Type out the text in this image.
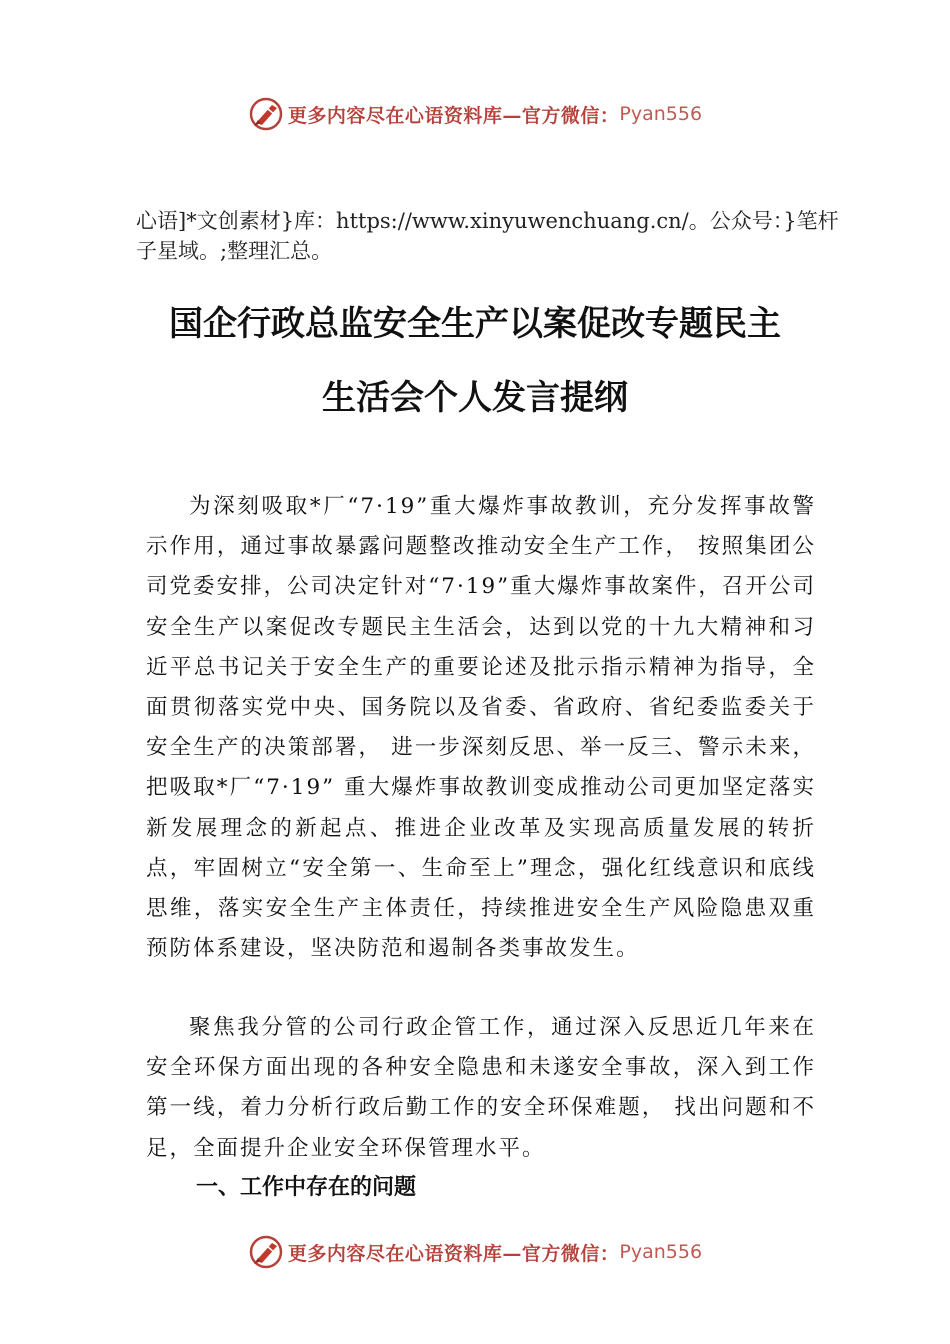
更多内容尽在心语资料库—官方微信： Pyan556
心语]*文创素材}库：https://www.xinyuwenchuang.cn/。公众号：}笔杆子星域。;整理汇总。
国企行政总监安全生产以案促改专题民主
生活会个人发言提纲

为深刻吸取*厂“7·19”重大爆炸事故教训，充分发挥事故警示作用，通过事故暴露问题整改推动安全生产工作， 按照集团公司党委安排，公司决定针对“7·19”重大爆炸事故案件，召开公司安全生产以案促改专题民主生活会，达到以党的十九大精神和习近平总书记关于安全生产的重要论述及批示指示精神为指导，全面贯彻落实党中央、国务院以及省委、省政府、省纪委监委关于安全生产的决策部署， 进一步深刻反思、举一反三、警示未来，把吸取*厂“7·19” 重大爆炸事故教训变成推动公司更加坚定落实新发展理念的新起点、推进企业改革及实现高质量发展的转折点，牢固树立“安全第一、生命至上”理念，强化红线意识和底线思维，落实安全生产主体责任，持续推进安全生产风险隐患双重预防体系建设，坚决防范和遏制各类事故发生。

聚焦我分管的公司行政企管工作，通过深入反思近几年来在安全环保方面出现的各种安全隐患和未遂安全事故，深入到工作第一线，着力分析行政后勤工作的安全环保难题， 找出问题和不足，全面提升企业安全环保管理水平。

一、工作中存在的问题
更多内容尽在心语资料库—官方微信： Pyan556
